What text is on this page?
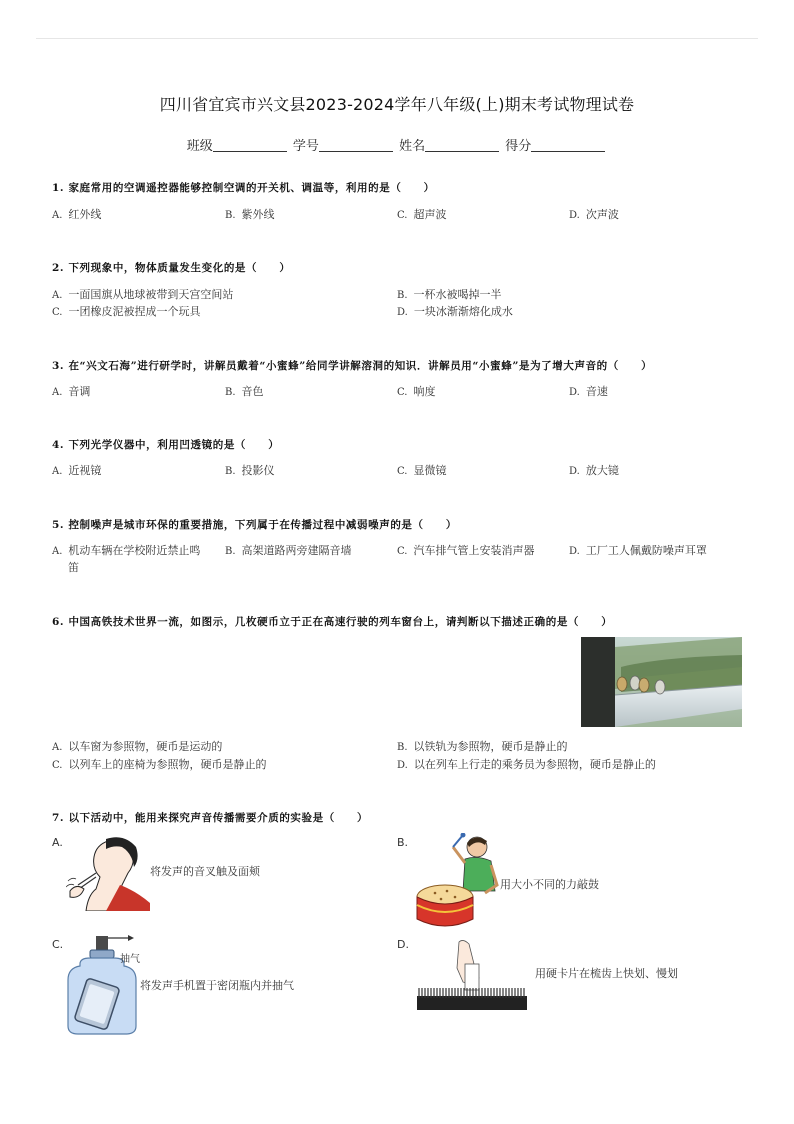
四川省宜宾市兴文县2023-2024学年八年级(上)期末考试物理试卷
班级	学号	姓名	得分
1. 家庭常用的空调遥控器能够控制空调的开关机、调温等，利用的是（　　）
A. 红外线	B. 紫外线	C. 超声波	D. 次声波
2. 下列现象中，物体质量发生变化的是（　　）
A. 一面国旗从地球被带到天宫空间站	B. 一杯水被喝掉一半
C. 一团橡皮泥被捏成一个玩具	D. 一块冰渐渐熔化成水
3. 在“兴文石海”进行研学时，讲解员戴着“小蜜蜂”给同学讲解溶洞的知识．讲解员用“小蜜蜂”是为了增大声音的（　　）
A. 音调	B. 音色	C. 响度	D. 音速
4. 下列光学仪器中，利用凹透镜的是（　　）
A. 近视镜	B. 投影仪	C. 显微镜	D. 放大镜
5. 控制噪声是城市环保的重要措施，下列属于在传播过程中减弱噪声的是（　　）
A. 机动车辆在学校附近禁止鸣
笛
B. 高架道路两旁建隔音墙	C. 汽车排气管上安装消声器	D. 工厂工人佩戴防噪声耳罩
6. 中国高铁技术世界一流，如图示，几枚硬币立于正在高速行驶的列车窗台上，请判断以下描述正确的是（　　）
A. 以车窗为参照物，硬币是运动的	B. 以铁轨为参照物，硬币是静止的
C. 以列车上的座椅为参照物，硬币是静止的	D. 以在列车上行走的乘务员为参照物，硬币是静止的
7. 以下活动中，能用来探究声音传播需要介质的实验是（　　）
A.
将发声的音叉触及面颊
B.
用大小不同的力敲鼓
C.
抽气
将发声手机置于密闭瓶内并抽气
D.
用硬卡片在梳齿上快划、慢划
